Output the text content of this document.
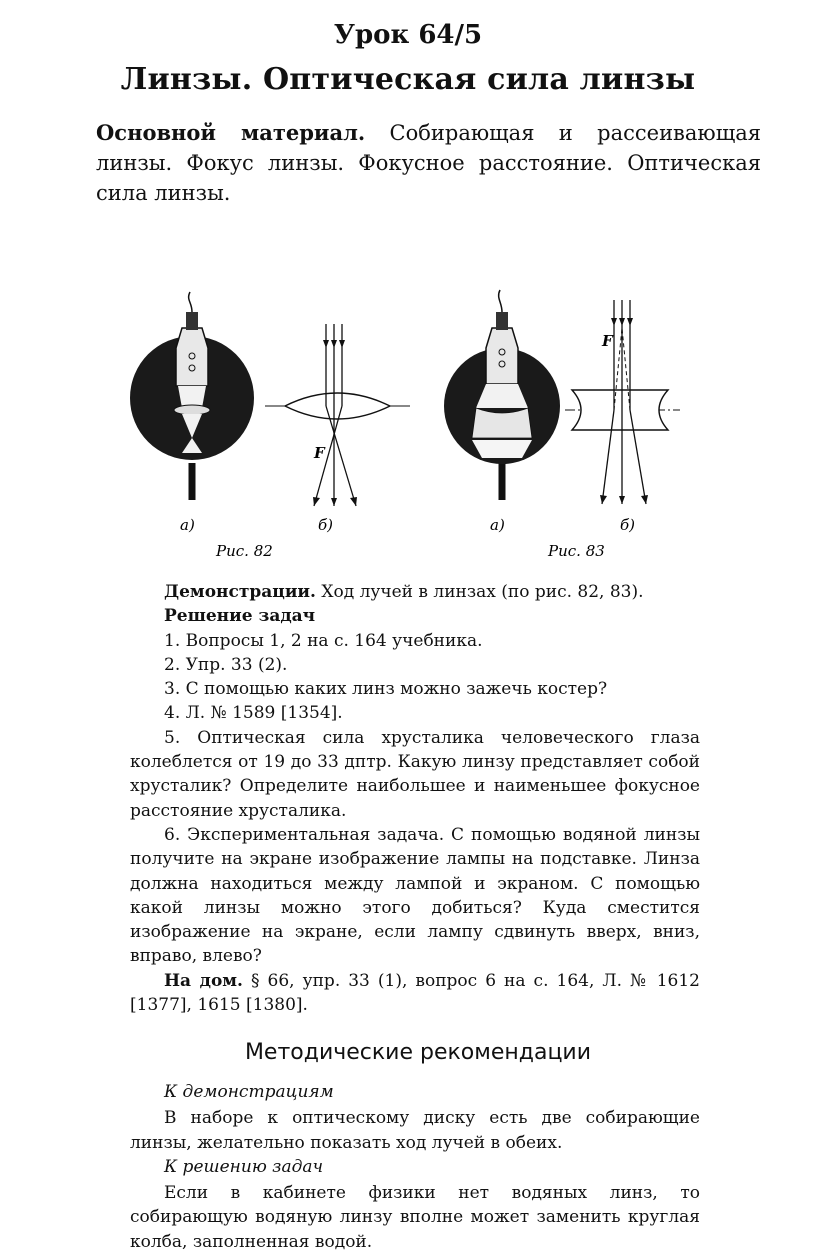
Урок 64/5
Линзы. Оптическая сила линзы
Основной материал. Собирающая и рассеивающая линзы. Фокус линзы. Фокусное расстояние. Оптическая сила линзы.
F
а)	б)
Рис. 82
F
а)	б)
Рис. 83

Демонстрации. Ход лучей в линзах (по рис. 82, 83).

Решение задач

1. Вопросы 1, 2 на с. 164 учебника.

2. Упр. 33 (2).

3. С помощью каких линз можно зажечь костер?

4. Л. № 1589 [1354].

5. Оптическая сила хрусталика человеческого глаза колеблется от 19 до 33 дптр. Какую линзу представляет собой хрусталик? Определите наибольшее и наименьшее фокусное расстояние хрусталика.

6. Экспериментальная задача. С помощью водяной линзы получите на экране изображение лампы на подставке. Линза должна находиться между лампой и экраном. С помощью какой линзы можно этого добиться? Куда сместится изображение на экране, если лампу сдвинуть вверх, вниз, вправо, влево?

На дом. § 66, упр. 33 (1), вопрос 6 на с. 164, Л. № 1612 [1377], 1615 [1380].

Методические рекомендации

К демонстрациям

В наборе к оптическому диску есть две собирающие линзы, желательно показать ход лучей в обеих.

К решению задач

Если в кабинете физики нет водяных линз, то собирающую водяную линзу вполне может заменить круглая колба, заполненная водой.
